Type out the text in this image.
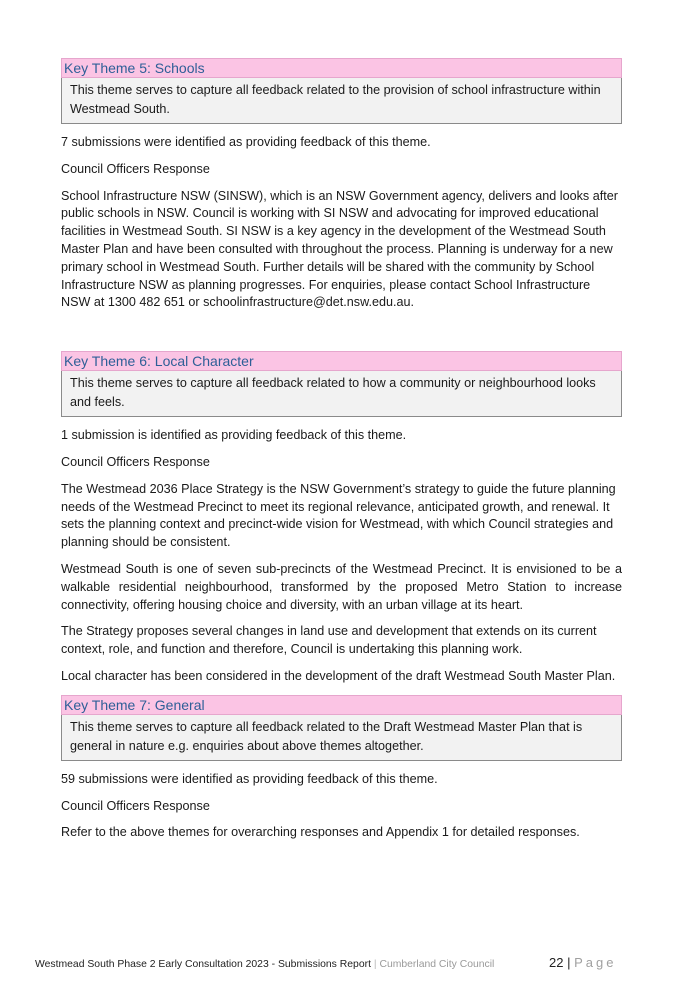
Key Theme 5: Schools
This theme serves to capture all feedback related to the provision of school infrastructure within Westmead South.

7 submissions were identified as providing feedback of this theme.

Council Officers Response

School Infrastructure NSW (SINSW), which is an NSW Government agency, delivers and looks after public schools in NSW. Council is working with SI NSW and advocating for improved educational facilities in Westmead South. SI NSW is a key agency in the development of the Westmead South Master Plan and have been consulted with throughout the process. Planning is underway for a new primary school in Westmead South. Further details will be shared with the community by School Infrastructure NSW as planning progresses. For enquiries, please contact School Infrastructure NSW at 1300 482 651 or schoolinfrastructure@det.nsw.edu.au.

Key Theme 6: Local Character
This theme serves to capture all feedback related to how a community or neighbourhood looks and feels.

1 submission is identified as providing feedback of this theme.

Council Officers Response

The Westmead 2036 Place Strategy is the NSW Government’s strategy to guide the future planning needs of the Westmead Precinct to meet its regional relevance, anticipated growth, and renewal. It sets the planning context and precinct-wide vision for Westmead, with which Council strategies and planning should be consistent.

Westmead South is one of seven sub-precincts of the Westmead Precinct. It is envisioned to be a walkable residential neighbourhood, transformed by the proposed Metro Station to increase connectivity, offering housing choice and diversity, with an urban village at its heart.

The Strategy proposes several changes in land use and development that extends on its current context, role, and function and therefore, Council is undertaking this planning work.

Local character has been considered in the development of the draft Westmead South Master Plan.

Key Theme 7: General
This theme serves to capture all feedback related to the Draft Westmead Master Plan that is general in nature e.g. enquiries about above themes altogether.

59 submissions were identified as providing feedback of this theme.

Council Officers Response

Refer to the above themes for overarching responses and Appendix 1 for detailed responses.

Westmead South Phase 2 Early Consultation 2023 - Submissions Report | Cumberland City Council	22 | Page
